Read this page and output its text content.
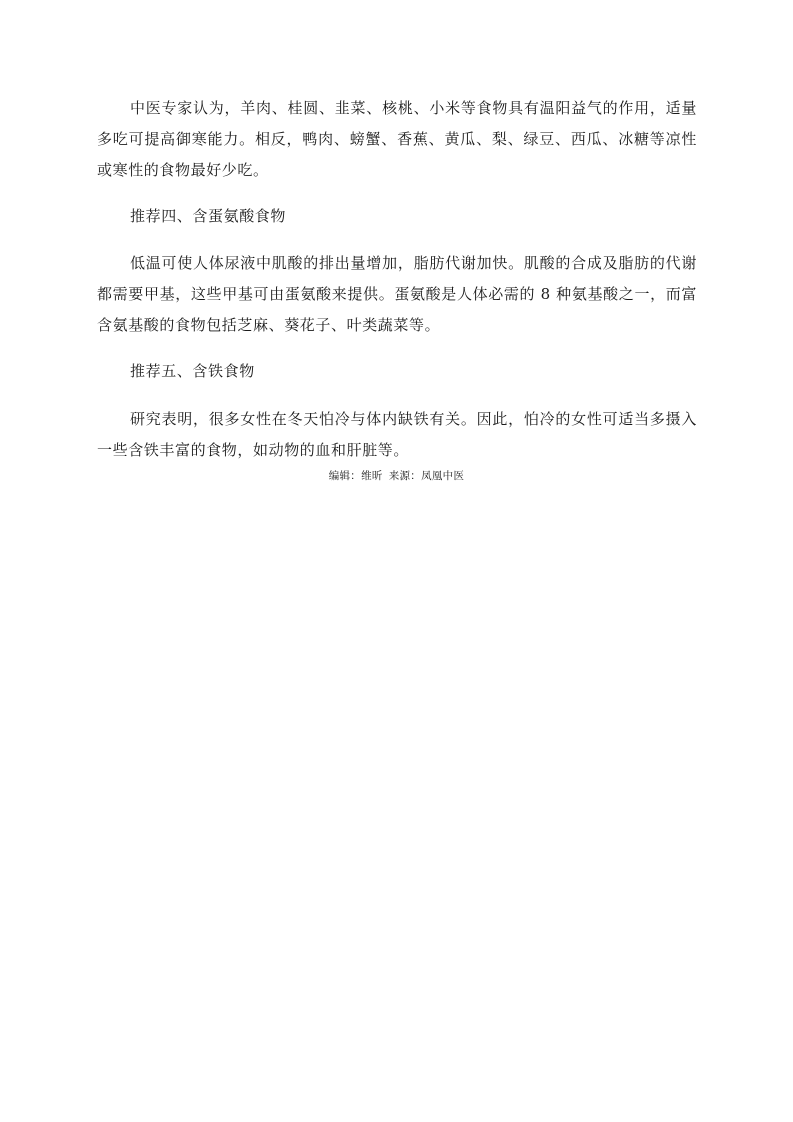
中医专家认为，羊肉、桂圆、韭菜、核桃、小米等食物具有温阳益气的作用，适量多吃可提高御寒能力。相反，鸭肉、螃蟹、香蕉、黄瓜、梨、绿豆、西瓜、冰糖等凉性或寒性的食物最好少吃。

推荐四、含蛋氨酸食物

低温可使人体尿液中肌酸的排出量增加，脂肪代谢加快。肌酸的合成及脂肪的代谢都需要甲基，这些甲基可由蛋氨酸来提供。蛋氨酸是人体必需的 8 种氨基酸之一，而富含氨基酸的食物包括芝麻、葵花子、叶类蔬菜等。

推荐五、含铁食物

研究表明，很多女性在冬天怕冷与体内缺铁有关。因此，怕冷的女性可适当多摄入一些含铁丰富的食物，如动物的血和肝脏等。

编辑：维昕 来源：凤凰中医
